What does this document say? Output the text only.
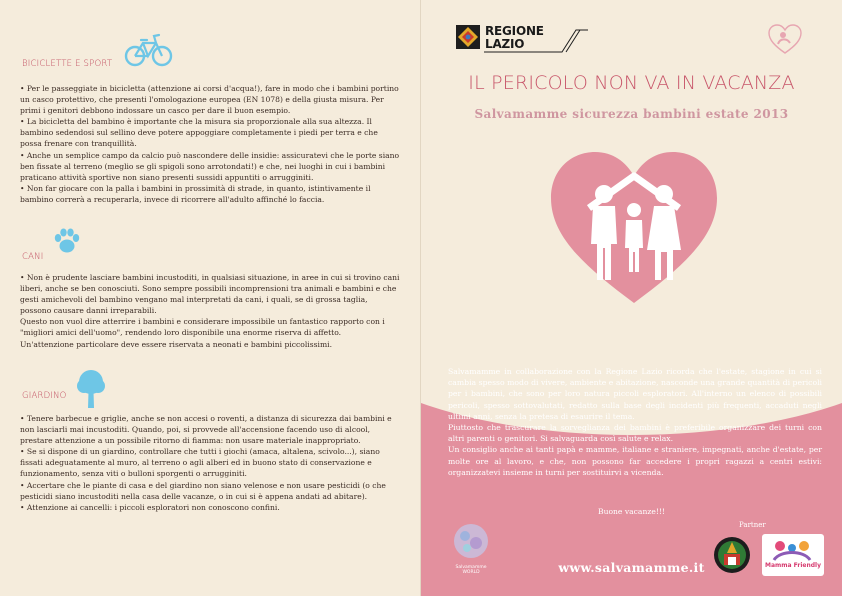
BICICLETTE E SPORT

• Per le passeggiate in bicicletta (attenzione ai corsi d'acqua!), fare in modo che i bambini portino un casco protettivo, che presenti l'omologazione europea (EN 1078) e della giusta misura. Per primi i genitori debbono indossare un casco per dare il buon esempio.

• La bicicletta del bambino è importante che la misura sia proporzionale alla sua altezza. Il bambino sedendosi sul sellino deve potere appoggiare completamente i piedi per terra e che possa frenare con tranquillità.

• Anche un semplice campo da calcio può nascondere delle insidie: assicuratevi che le porte siano ben fissate al terreno (meglio se gli spigoli sono arrotondati!) e che, nei luoghi in cui i bambini praticano attività sportive non siano presenti sussidi appuntiti o arrugginiti.

• Non far giocare con la palla i bambini in prossimità di strade, in quanto, istintivamente il bambino correrà a recuperarla, invece di ricorrere all'adulto affinché lo faccia.

CANI

• Non è prudente lasciare bambini incustoditi, in qualsiasi situazione, in aree in cui si trovino cani liberi, anche se ben conosciuti. Sono sempre possibili incomprensioni tra animali e bambini e che gesti amichevoli del bambino vengano mal interpretati da cani, i quali, se di grossa taglia, possono causare danni irreparabili.

Questo non vuol dire atterrire i bambini e considerare impossibile un fantastico rapporto con i "migliori amici dell'uomo", rendendo loro disponibile una enorme riserva di affetto.

Un'attenzione particolare deve essere riservata a neonati e bambini piccolissimi.

GIARDINO

• Tenere barbecue e griglie, anche se non accesi o roventi, a distanza di sicurezza dai bambini e non lasciarli mai incustoditi. Quando, poi, si provvede all'accensione facendo uso di alcool, prestare attenzione a un possibile ritorno di fiamma: non usare materiale inappropriato.

• Se si dispone di un giardino, controllare che tutti i giochi (amaca, altalena, scivolo...), siano fissati adeguatamente al muro, al terreno o agli alberi ed in buono stato di conservazione e funzionamento, senza viti o bulloni sporgenti o arrugginiti.

• Accertare che le piante di casa e del giardino non siano velenose e non usare pesticidi (o che pesticidi siano incustoditi nella casa delle vacanze, o in cui si è appena andati ad abitare).

• Attenzione ai cancelli: i piccoli esploratori non conoscono confini.

REGIONE
LAZIO
IL PERICOLO NON VA IN VACANZA
Salvamamme sicurezza bambini estate 2013

Salvamamme in collaborazione con la Regione Lazio ricorda che l'estate, stagione in cui si cambia spesso modo di vivere, ambiente e abitazione, nasconde una grande quantità di pericoli per i bambini, che sono per loro natura piccoli esploratori. All'interno un elenco di possibili pericoli, spesso sottovalutati, redatto sulla base degli incidenti più frequenti, accaduti negli ultimi anni, senza la pretesa di esaurire il tema.

Piuttosto che trascurare la sorveglianza dei bambini è preferibile organizzare dei turni con altri parenti o genitori. Si salvaguarda così salute e relax.

Un consiglio anche ai tanti papà e mamme, italiane e straniere, impegnati, anche d'estate, per molte ore al lavoro, e che, non possono far accedere i propri ragazzi a centri estivi: organizzatevi insieme in turni per sostituirvi a vicenda.

Buone vacanze!!!
Partner
Salvamamme WORLD
Mamma Friendly
www.salvamamme.it
